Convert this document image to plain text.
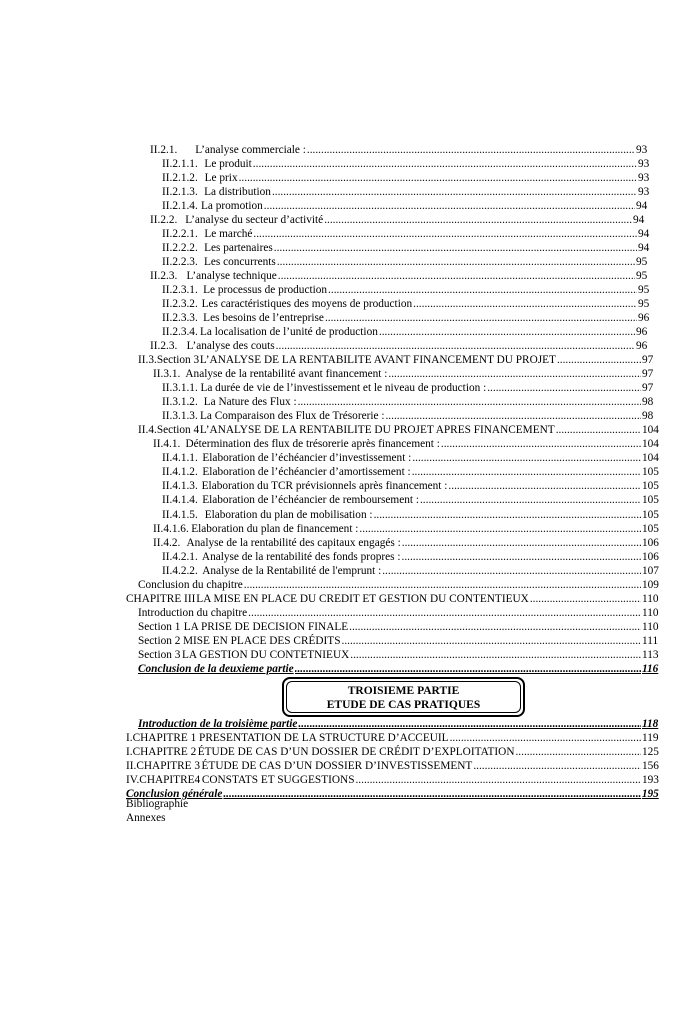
II.2.1. L’analyse commerciale : .....	93
II.2.1.1. Le produit .....	93
II.2.1.2. Le prix .....	93
II.2.1.3. La distribution .....	93
II.2.1.4. La promotion .....	94
II.2.2. L’analyse du secteur d’activité .....	94
II.2.2.1. Le marché .....	94
II.2.2.2. Les partenaires .....	94
II.2.2.3. Les concurrents .....	95
II.2.3. L’analyse technique .....	95
II.2.3.1. Le processus de production .....	95
II.2.3.2. Les caractéristiques des moyens de production .....	95
II.2.3.3. Les besoins de l’entreprise .....	96
II.2.3.4. La localisation de l’unité de production .....	96
II.2.3. L’analyse des couts .....	96
II.3.Section 3 L’ANALYSE DE LA RENTABILITE AVANT FINANCEMENT DU PROJET .....	97
II.3.1. Analyse de la rentabilité avant financement : .....	97
II.3.1.1. La durée de vie de l’investissement et le niveau de production : .....	97
II.3.1.2. La Nature des Flux : .....	98
II.3.1.3. La Comparaison des Flux de Trésorerie : .....	98
II.4.Section 4 L’ANALYSE DE LA RENTABILITE DU PROJET APRES FINANCEMENT .....	104
II.4.1. Détermination des flux de trésorerie après financement : .....	104
II.4.1.1. Elaboration de l’échéancier d’investissement : .....	104
II.4.1.2. Elaboration de l’échéancier d’amortissement : .....	105
II.4.1.3. Elaboration du TCR prévisionnels après financement : .....	105
II.4.1.4. Elaboration de l’échéancier de remboursement : .....	105
II.4.1.5. Elaboration du plan de mobilisation : .....	105
II.4.1.6. Elaboration du plan de financement : .....	105
II.4.2. Analyse de la rentabilité des capitaux engagés : .....	106
II.4.2.1. Analyse de la rentabilité des fonds propres : .....	106
II.4.2.2. Analyse de la Rentabilité de l'emprunt : .....	107
Conclusion du chapitre .....	109
CHAPITRE III LA MISE EN PLACE DU CREDIT ET GESTION DU CONTENTIEUX .....	110
Introduction du chapitre .....	110
Section 1 LA PRISE DE DECISION FINALE .....	110
Section 2 MISE EN PLACE DES CRÉDITS .....	111
Section 3 LA GESTION DU CONTETNIEUX .....	113
Conclusion de la deuxieme partie .....	116
Introduction de la troisième partie .....	118
I.CHAPITRE 1 PRESENTATION DE LA STRUCTURE D’ACCEUIL .....	119
I.CHAPITRE 2 ÉTUDE DE CAS D’UN DOSSIER DE CRÉDIT D’EXPLOITATION .....	125
II.CHAPITRE 3 ÉTUDE DE CAS D’UN DOSSIER D’INVESTISSEMENT .....	156
IV.CHAPITRE4 CONSTATS ET SUGGESTIONS .....	193
Conclusion générale .....	195
TROISIEME PARTIE
ETUDE DE CAS PRATIQUES
Bibliographie
Annexes
